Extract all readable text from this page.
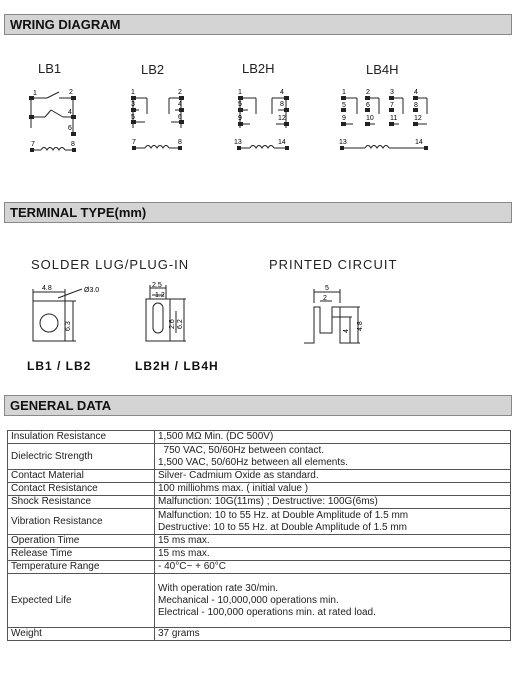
WRING DIAGRAM
LB1	LB2	LB2H	LB4H
1	2
4
6
7	8
1	2
3	4
5	6
7	8
1	4
5	8
9	12
13	14
1	2	3	4
5	6	7	8
9	10 11 12
13	14
TERMINAL TYPE(mm)
SOLDER LUG/PLUG-IN	PRINTED CIRCUIT
4.8	Ø3.0
6.3
2.5
1.2
2.6 6.2
5
2
4
4.8
LB1 / LB2	LB2H / LB4H
GENERAL DATA
Insulation Resistance	1,500 MΩ Min. (DC 500V)

Dielectric Strength	750 VAC, 50/60Hz between contact.
1,500 VAC, 50/60Hz between all elements.

Contact Material	Silver- Cadmium Oxide as standard.

Contact Resistance	100 milliohms max. ( initial value )

Shock Resistance	Malfunction: 10G(11ms) ; Destructive: 100G(6ms)

Vibration Resistance	Malfunction: 10 to 55 Hz. at Double Amplitude of 1.5 mm
Destructive: 10 to 55 Hz. at Double Amplitude of 1.5 mm

Operation Time	15 ms max.

Release Time	15 ms max.

Temperature Range	- 40°C~ + 60°C

Expected Life	With operation rate 30/min.
Mechanical - 10,000,000 operations min.
Electrical - 100,000 operations min. at rated load.

Weight	37 grams
